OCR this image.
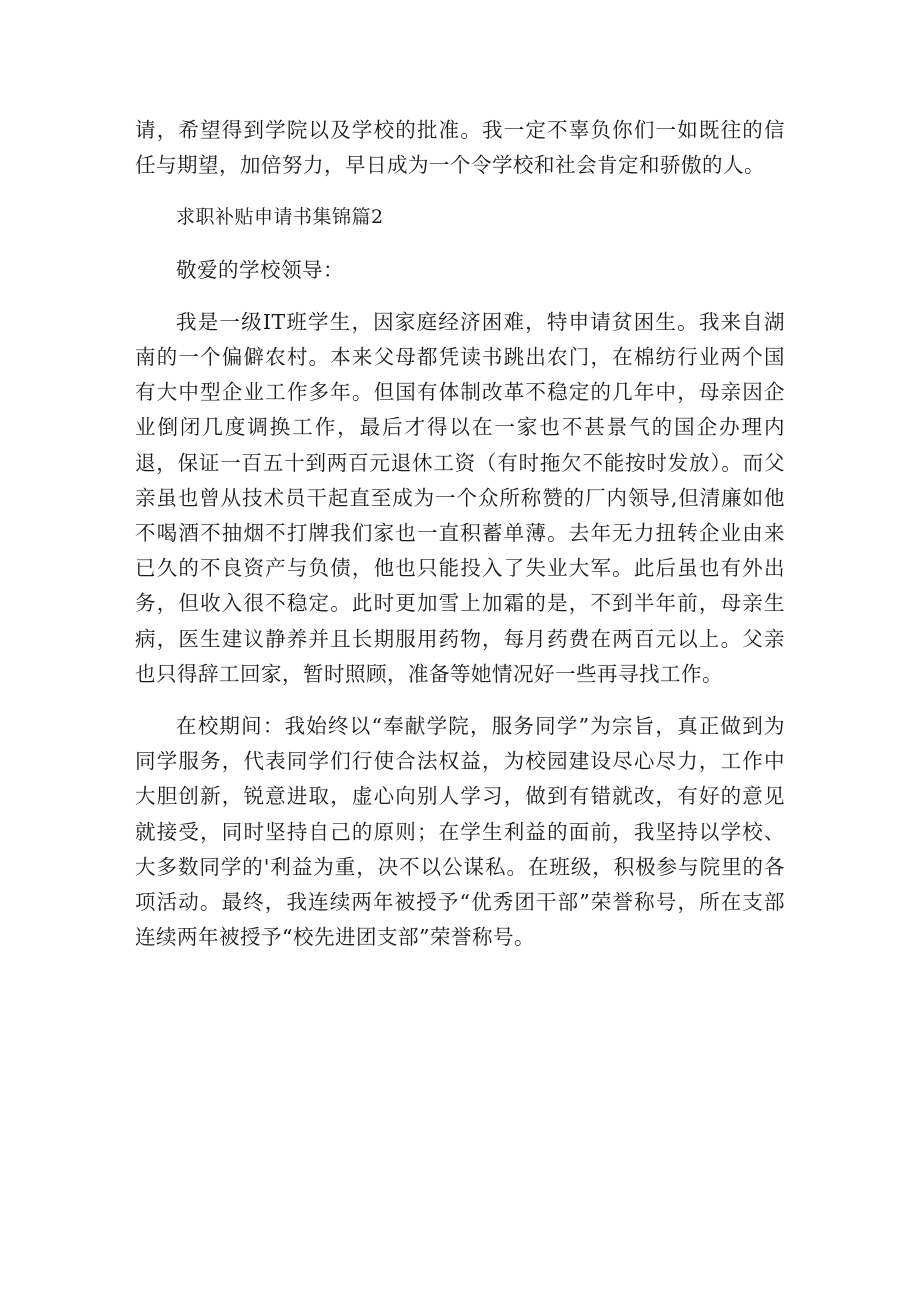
请，希望得到学院以及学校的批准。我一定不辜负你们一如既往的信任与期望，加倍努力，早日成为一个令学校和社会肯定和骄傲的人。

求职补贴申请书集锦篇2

敬爱的学校领导：

我是一级IT班学生，因家庭经济困难，特申请贫困生。我来自湖南的一个偏僻农村。本来父母都凭读书跳出农门，在棉纺行业两个国有大中型企业工作多年。但国有体制改革不稳定的几年中，母亲因企业倒闭几度调换工作，最后才得以在一家也不甚景气的国企办理内退，保证一百五十到两百元退休工资（有时拖欠不能按时发放）。而父亲虽也曾从技术员干起直至成为一个众所称赞的厂内领导,但清廉如他不喝酒不抽烟不打牌我们家也一直积蓄单薄。去年无力扭转企业由来已久的不良资产与负债，他也只能投入了失业大军。此后虽也有外出务，但收入很不稳定。此时更加雪上加霜的是，不到半年前，母亲生病，医生建议静养并且长期服用药物，每月药费在两百元以上。父亲也只得辞工回家，暂时照顾，准备等她情况好一些再寻找工作。

在校期间：我始终以“奉献学院，服务同学”为宗旨，真正做到为同学服务，代表同学们行使合法权益，为校园建设尽心尽力，工作中大胆创新，锐意进取，虚心向别人学习，做到有错就改，有好的意见就接受，同时坚持自己的原则；在学生利益的面前，我坚持以学校、大多数同学的'利益为重，决不以公谋私。在班级，积极参与院里的各项活动。最终，我连续两年被授予“优秀团干部”荣誉称号，所在支部连续两年被授予“校先进团支部”荣誉称号。
